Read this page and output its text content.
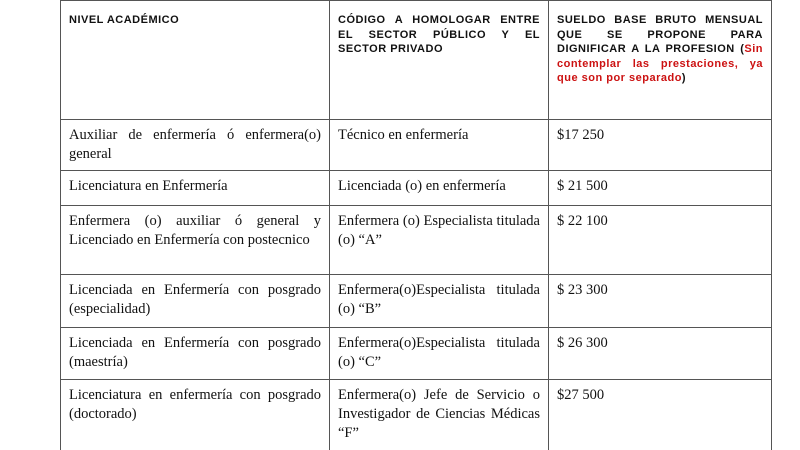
NIVEL ACADÉMICO	CÓDIGO A HOMOLOGAR ENTRE EL SECTOR PÚBLICO Y EL SECTOR PRIVADO	SUELDO BASE BRUTO MENSUAL QUE SE PROPONE PARA DIGNIFICAR A LA PROFESION (Sin contemplar las prestaciones, ya que son por separado)
Auxiliar de enfermería ó enfermera(o) general	Técnico en enfermería	$17 250
Licenciatura en Enfermería	Licenciada (o) en enfermería	$ 21 500
Enfermera (o) auxiliar ó general y Licenciado en Enfermería con postecnico	Enfermera (o) Especialista titulada (o) “A”	$ 22 100
Licenciada en Enfermería con posgrado (especialidad)	Enfermera(o)Especialista titulada (o) “B”	$ 23 300
Licenciada en Enfermería con posgrado (maestría)	Enfermera(o)Especialista titulada (o) “C”	$ 26 300
Licenciatura en enfermería con posgrado (doctorado)	Enfermera(o) Jefe de Servicio o Investigador de Ciencias Médicas “F”	$27 500
